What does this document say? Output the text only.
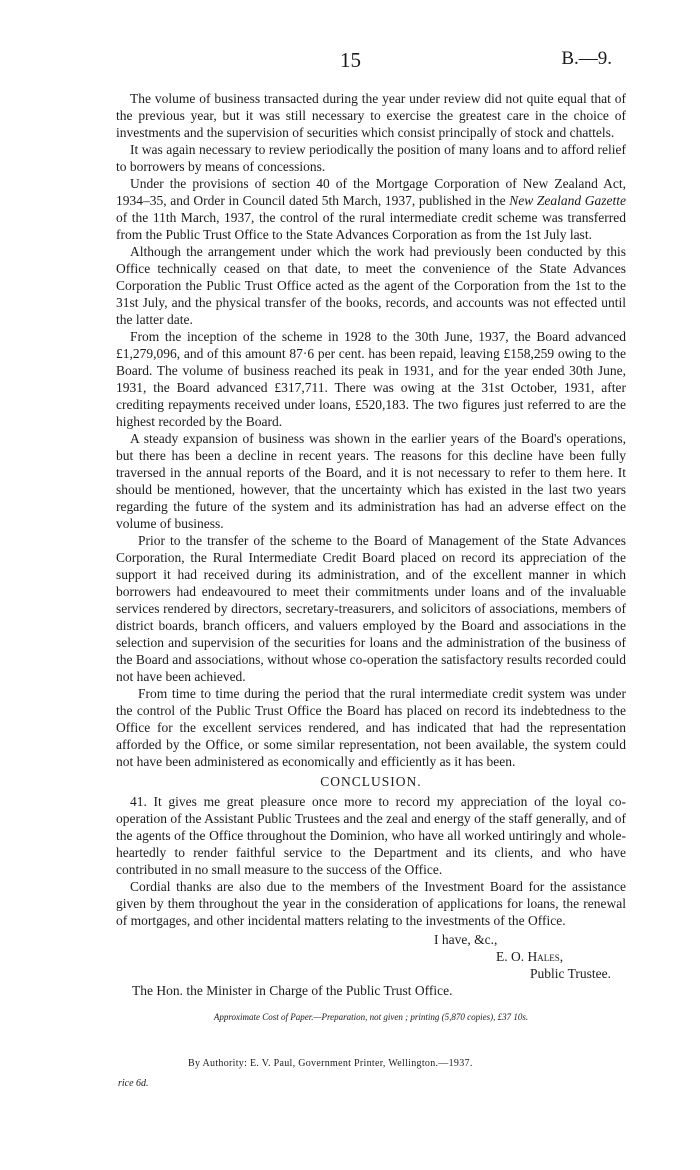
15	B.—9.

The volume of business transacted during the year under review did not quite equal that of the previous year, but it was still necessary to exercise the greatest care in the choice of investments and the supervision of securities which consist principally of stock and chattels.

It was again necessary to review periodically the position of many loans and to afford relief to borrowers by means of concessions.

Under the provisions of section 40 of the Mortgage Corporation of New Zealand Act, 1934–35, and Order in Council dated 5th March, 1937, published in the New Zealand Gazette of the 11th March, 1937, the control of the rural intermediate credit scheme was transferred from the Public Trust Office to the State Advances Corporation as from the 1st July last.

Although the arrangement under which the work had previously been conducted by this Office technically ceased on that date, to meet the convenience of the State Advances Corporation the Public Trust Office acted as the agent of the Corporation from the 1st to the 31st July, and the physical transfer of the books, records, and accounts was not effected until the latter date.

From the inception of the scheme in 1928 to the 30th June, 1937, the Board advanced £1,279,096, and of this amount 87·6 per cent. has been repaid, leaving £158,259 owing to the Board. The volume of business reached its peak in 1931, and for the year ended 30th June, 1931, the Board advanced £317,711. There was owing at the 31st October, 1931, after crediting repayments received under loans, £520,183. The two figures just referred to are the highest recorded by the Board.

A steady expansion of business was shown in the earlier years of the Board's operations, but there has been a decline in recent years. The reasons for this decline have been fully traversed in the annual reports of the Board, and it is not necessary to refer to them here. It should be mentioned, however, that the uncertainty which has existed in the last two years regarding the future of the system and its administration has had an adverse effect on the volume of business.

Prior to the transfer of the scheme to the Board of Management of the State Advances Corporation, the Rural Intermediate Credit Board placed on record its appreciation of the support it had received during its administration, and of the excellent manner in which borrowers had endeavoured to meet their commitments under loans and of the invaluable services rendered by directors, secretary-treasurers, and solicitors of associations, members of district boards, branch officers, and valuers employed by the Board and associations in the selection and supervision of the securities for loans and the administration of the business of the Board and associations, without whose co-operation the satisfactory results recorded could not have been achieved.

From time to time during the period that the rural intermediate credit system was under the control of the Public Trust Office the Board has placed on record its indebtedness to the Office for the excellent services rendered, and has indicated that had the representation afforded by the Office, or some similar representation, not been available, the system could not have been administered as economically and efficiently as it has been.

CONCLUSION.

41. It gives me great pleasure once more to record my appreciation of the loyal co-operation of the Assistant Public Trustees and the zeal and energy of the staff generally, and of the agents of the Office throughout the Dominion, who have all worked untiringly and whole-heartedly to render faithful service to the Department and its clients, and who have contributed in no small measure to the success of the Office.

Cordial thanks are also due to the members of the Investment Board for the assistance given by them throughout the year in the consideration of applications for loans, the renewal of mortgages, and other incidental matters relating to the investments of the Office.

I have, &c.,
E. O. Hales,
Public Trustee.

The Hon. the Minister in Charge of the Public Trust Office.

Approximate Cost of Paper.—Preparation, not given ; printing (5,870 copies), £37 10s.
By Authority: E. V. Paul, Government Printer, Wellington.—1937.
rice 6d.
